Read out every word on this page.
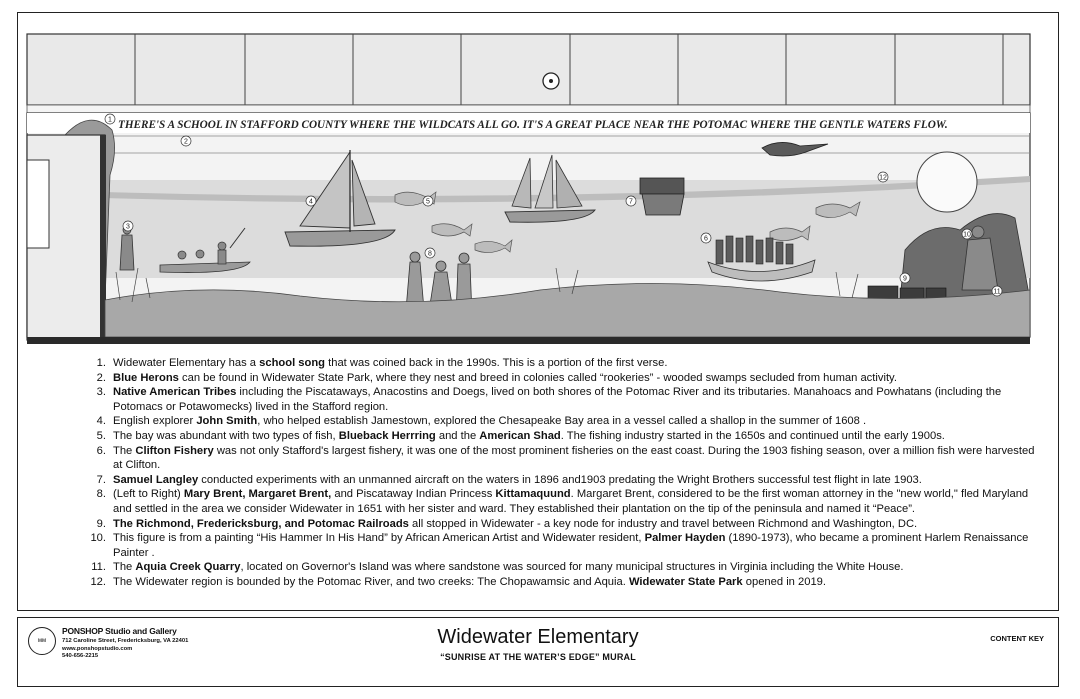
THERE'S A SCHOOL IN STAFFORD COUNTY WHERE THE WILDCATS ALL GO. IT'S A GREAT PLACE NEAR THE POTOMAC WHERE THE GENTLE WATERS FLOW.
1
2
3
4	5
6
7
8
9
10
11
12
1. Widewater Elementary has a school song that was coined back in the 1990s. This is a portion of the first verse.
2. Blue Herons can be found in Widewater State Park, where they nest and breed in colonies called “rookeries” - wooded swamps secluded from human activity.
3. Native American Tribes including the Piscataways, Anacostins and Doegs, lived on both shores of the Potomac River and its tributaries. Manahoacs and Powhatans (including the Potomacs or Potawomecks) lived in the Stafford region.
4. English explorer John Smith, who helped establish Jamestown, explored the Chesapeake Bay area in a vessel called a shallop in the summer of 1608 .
5. The bay was abundant with two types of fish, Blueback Herrring and the American Shad. The fishing industry started in the 1650s and continued until the early 1900s.
6. The Clifton Fishery was not only Stafford's largest fishery, it was one of the most prominent fisheries on the east coast. During the 1903 fishing season, over a million fish were harvested at Clifton.
7. Samuel Langley conducted experiments with an unmanned aircraft on the waters in 1896 and1903 predating the Wright Brothers successful test flight in late 1903.
8. (Left to Right) Mary Brent, Margaret Brent, and Piscataway Indian Princess Kittamaquund. Margaret Brent, considered to be the first woman attorney in the "new world," fled Maryland and settled in the area we consider Widewater in 1651 with her sister and ward. They established their plantation on the tip of the peninsula and named it “Peace”.
9. The Richmond, Fredericksburg, and Potomac Railroads all stopped in Widewater - a key node for industry and travel between Richmond and Washington, DC.
10. This figure is from a painting “His Hammer In His Hand” by African American Artist and Widewater resident, Palmer Hayden (1890-1973), who became a prominent Harlem Renaissance Painter .
11. The Aquia Creek Quarry, located on Governor's Island was where sandstone was sourced for many municipal structures in Virginia including the White House.
12. The Widewater region is bounded by the Potomac River, and two creeks: The Chopawamsic and Aquia. Widewater State Park opened in 2019.
ᴍᴍ
PONSHOP Studio and Gallery
712 Caroline Street, Fredericksburg, VA 22401
www.ponshopstudio.com
540-656-2215
Widewater Elementary
“SUNRISE AT THE WATER’S EDGE” MURAL
CONTENT KEY
